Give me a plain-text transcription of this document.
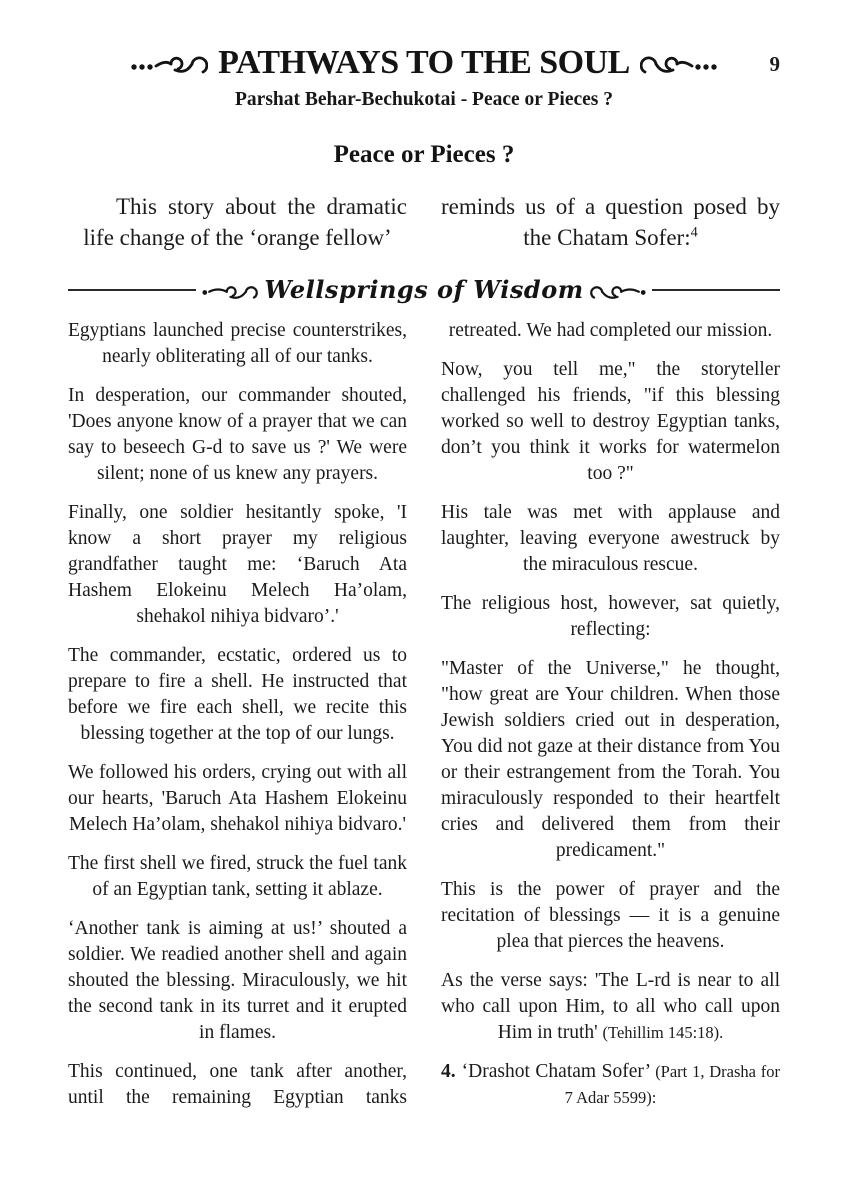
PATHWAYS TO THE SOUL	9
Parshat Behar-Bechukotai - Peace or Pieces ?
Peace or Pieces ?

This story about the dramatic life change of the ‘orange fellow’

reminds us of a question posed by the Chatam Sofer:$^4$

Wellsprings of Wisdom

Egyptians launched precise counterstrikes, nearly obliterating all of our tanks.

In desperation, our commander shouted, 'Does anyone know of a prayer that we can say to beseech G-d to save us ?' We were silent; none of us knew any prayers.

Finally, one soldier hesitantly spoke, 'I know a short prayer my religious grandfather taught me: ‘Baruch Ata Hashem Elokeinu Melech Ha’olam, shehakol nihiya bidvaro’.'

The commander, ecstatic, ordered us to prepare to fire a shell. He instructed that before we fire each shell, we recite this blessing together at the top of our lungs.

We followed his orders, crying out with all our hearts, 'Baruch Ata Hashem Elokeinu Melech Ha’olam, shehakol nihiya bidvaro.'

The first shell we fired, struck the fuel tank of an Egyptian tank, setting it ablaze.

‘Another tank is aiming at us!’ shouted a soldier. We readied another shell and again shouted the blessing. Miraculously, we hit the second tank in its turret and it erupted in flames.

This continued, one tank after another, until the remaining Egyptian tanks

retreated. We had completed our mission.

Now, you tell me," the storyteller challenged his friends, "if this blessing worked so well to destroy Egyptian tanks, don’t you think it works for watermelon too ?"

His tale was met with applause and laughter, leaving everyone awestruck by the miraculous rescue.

The religious host, however, sat quietly, reflecting:

"Master of the Universe," he thought, "how great are Your children. When those Jewish soldiers cried out in desperation, You did not gaze at their distance from You or their estrangement from the Torah. You miraculously responded to their heartfelt cries and delivered them from their predicament."

This is the power of prayer and the recitation of blessings — it is a genuine plea that pierces the heavens.

As the verse says: 'The L-rd is near to all who call upon Him, to all who call upon Him in truth' (Tehillim 145:18).

4. ‘Drashot Chatam Sofer’ (Part 1, Drasha for 7 Adar 5599):
